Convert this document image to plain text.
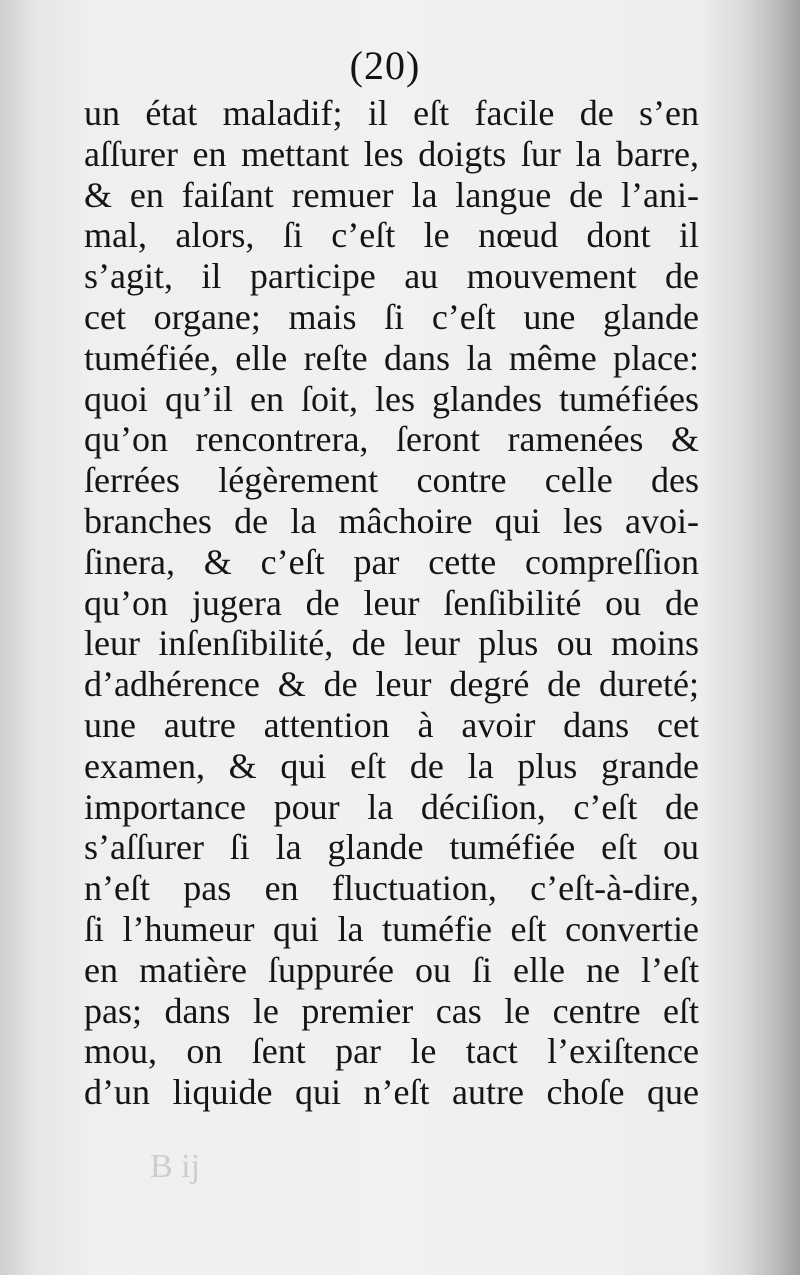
(20)
un état maladif; il eſt facile de s’en
aſſurer en mettant les doigts ſur la barre,
& en faiſant remuer la langue de l’ani-
mal, alors, ſi c’eſt le nœud dont il
s’agit, il participe au mouvement de
cet organe; mais ſi c’eſt une glande
tuméfiée, elle reſte dans la même place:
quoi qu’il en ſoit, les glandes tuméfiées
qu’on rencontrera, ſeront ramenées &
ſerrées légèrement contre celle des
branches de la mâchoire qui les avoi-
ſinera, & c’eſt par cette compreſſion
qu’on jugera de leur ſenſibilité ou de
leur inſenſibilité, de leur plus ou moins
d’adhérence & de leur degré de dureté;
une autre attention à avoir dans cet
examen, & qui eſt de la plus grande
importance pour la déciſion, c’eſt de
s’aſſurer ſi la glande tuméfiée eſt ou
n’eſt pas en fluctuation, c’eſt-à-dire,
ſi l’humeur qui la tuméfie eſt convertie
en matière ſuppurée ou ſi elle ne l’eſt
pas; dans le premier cas le centre eſt
mou, on ſent par le tact l’exiſtence
d’un liquide qui n’eſt autre choſe que
B ij
